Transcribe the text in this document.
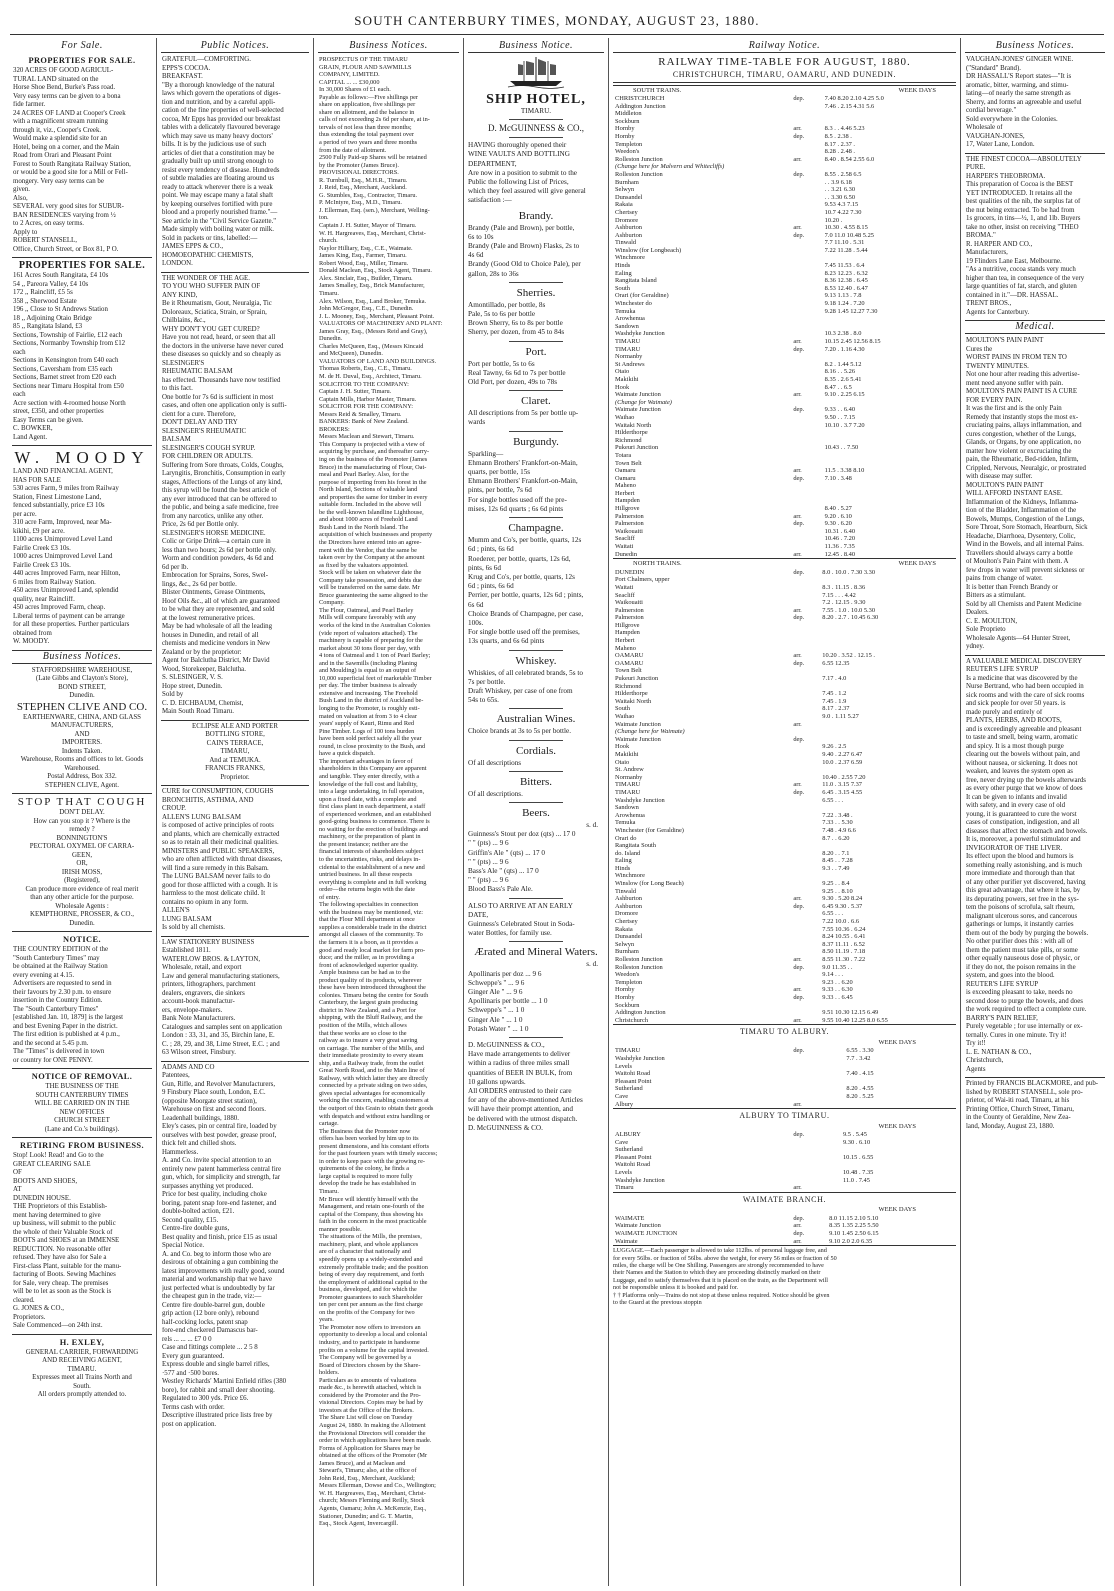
SOUTH CANTERBURY TIMES, MONDAY, AUGUST 23, 1880.
For Sale.
PROPERTIES FOR SALE.
320 ACRES OF GOOD AGRICUL-
TURAL LAND situated on the
Horse Shoe Bend, Burke's Pass road.
Very easy terms can be given to a bona
fide farmer.
24 ACRES OF LAND at Cooper's Creek
with a magnificent stream running
through it, viz., Cooper's Creek.
Would make a splendid site for an
Hotel, being on a corner, and the Main
Road from Orari and Pleasant Point
Forest to South Rangitata Railway Station,
or would be a good site for a Mill or Fell-
mongery. Very easy terms can be
given.
Also,
SEVERAL very good sites for SUBUR-
BAN RESIDENCES varying from ½
to 2 Acres, on easy terms.
Apply to
ROBERT STANSELL,
Office, Church Street, or Box 81, P O.
PROPERTIES FOR SALE.
161 Acres South Rangitata, £4 10s
54 ,, Pareora Valley, £4 10s
172 ,, Raincliff, £5 5s
358 ,, Sherwood Estate
196 ,, Close to St Andrews Station
18 ,, Adjoining Otaio Bridge
85 ,, Rangitata Island, £3
Sections, Township of Fairlie, £12 each
Sections, Normanby Township from £12
each
Sections in Kensington from £40 each
Sections, Caversham from £35 each
Sections, Barnet street from £20 each
Sections near Timaru Hospital from £50
each
Acre section with 4-roomed house North
street, £350, and other properties
Easy Terms can be given.
C. BOWKER,
Land Agent.
W. MOODY
LAND AND FINANCIAL AGENT,
HAS FOR SALE
530 acres Farm, 9 miles from Railway
Station, Finest Limestone Land,
fenced substantially, price £3 10s
per acre.
310 acre Farm, Improved, near Ma-
kikihi, £9 per acre.
1100 acres Unimproved Level Land
Fairlie Creek £3 10s.
1000 acres Unimproved Level Land
Fairlie Creek £3 10s.
440 acres Improved Farm, near Hilton,
6 miles from Railway Station.
450 acres Unimproved Land, splendid
quality, near Raincliff.
450 acres Improved Farm, cheap.
Liberal terms of payment can be arrange
for all these properties. Further particulars
obtained from
W. MOODY.
Business Notices.
STAFFORDSHIRE WAREHOUSE,
(Late Gibbs and Clayton's Store),
BOND STREET,
Dunedin.
STEPHEN CLIVE AND CO.
EARTHENWARE, CHINA, AND GLASS
MANUFACTURERS,
AND
IMPORTERS.
Indents Taken.
Warehouse, Rooms and offices to let. Goods
Warehoused.
Postal Address, Box 332.
STEPHEN CLIVE, Agent.
STOP THAT COUGH
DON'T DELAY.
How can you stop it ? Where is the
remedy ?
BONNINGTON'S
PECTORAL OXYMEL OF CARRA-
GEEN,
OR,
IRISH MOSS,
(Registered),
Can produce more evidence of real merit
than any other article for the purpose.
Wholesale Agents :
KEMPTHORNE, PROSSER, & CO.,
Dunedin.
NOTICE.
THE COUNTRY EDITION of the
"South Canterbury Times" may
be obtained at the Railway Station
every evening at 4.15.
Advertisers are requested to send in
their favours by 2.30 p.m. to ensure
insertion in the Country Edition.
The "South Canterbury Times"
[established Jan. 10, 1879] is the largest
and best Evening Paper in the district.
The first edition is published at 4 p.m.,
and the second at 5.45 p.m.
The "Times" is delivered in town
or country for ONE PENNY.
NOTICE OF REMOVAL.
THE BUSINESS OF THE
SOUTH CANTERBURY TIMES
WILL BE CARRIED ON IN THE
NEW OFFICES
CHURCH STREET
(Lane and Co.'s buildings).
RETIRING FROM BUSINESS.
Stop! Look! Read! and Go to the
GREAT CLEARING SALE
OF
BOOTS AND SHOES,
AT
DUNEDIN HOUSE.
THE Proprietors of this Establish-
ment having determined to give
up business, will submit to the public
the whole of their Valuable Stock of
BOOTS and SHOES at an IMMENSE
REDUCTION. No reasonable offer
refused. They have also for Sale a
First-class Plant, suitable for the manu-
facturing of Boots. Sewing Machines
for Sale, very cheap. The premises
will be to let as soon as the Stock is
cleared.
G. JONES & CO.,
Proprietors.
Sale Commenced—on 24th inst.
H. EXLEY,
GENERAL CARRIER, FORWARDING
AND RECEIVING AGENT,
TIMARU.
Expresses meet all Trains North and
South.
All orders promptly attended to.
Public Notices.
GRATEFUL—COMFORTING.
EPPS'S COCOA.
BREAKFAST.
"By a thorough knowledge of the natural
laws which govern the operations of diges-
tion and nutrition, and by a careful appli-
cation of the fine properties of well-selected
cocoa, Mr Epps has provided our breakfast
tables with a delicately flavoured beverage
which may save us many heavy doctors'
bills. It is by the judicious use of such
articles of diet that a constitution may be
gradually built up until strong enough to
resist every tendency of disease. Hundreds
of subtle maladies are floating around us
ready to attack wherever there is a weak
point. We may escape many a fatal shaft
by keeping ourselves fortified with pure
blood and a properly nourished frame."—
See article in the "Civil Service Gazette."
Made simply with boiling water or milk.
Sold in packets or tins, labelled:—
JAMES EPPS & CO.,
HOMOEOPATHIC CHEMISTS,
LONDON.
THE WONDER OF THE AGE.
TO YOU WHO SUFFER PAIN OF
ANY KIND,
Be it Rheumatism, Gout, Neuralgia, Tic
Doloreaux, Sciatica, Strain, or Sprain,
Chilblains, &c.,
WHY DON'T YOU GET CURED?
Have you not read, heard, or seen that all
the doctors in the universe have never cured
these diseases so quickly and so cheaply as
SLESINGER'S
RHEUMATIC BALSAM
has effected. Thousands have now testified
to this fact.
One bottle for 7s 6d is sufficient in most
cases, and often one application only is suffi-
cient for a cure. Therefore,
DON'T DELAY AND TRY
SLESINGER'S RHEUMATIC
BALSAM
SLESINGER'S COUGH SYRUP.
FOR CHILDREN OR ADULTS.
Suffering from Sore throats, Colds, Coughs,
Laryngitis, Bronchitis, Consumption in early
stages, Affections of the Lungs of any kind,
this syrup will be found the best article of
any ever introduced that can be offered to
the public, and being a safe medicine, free
from any narcotics, unlike any other.
Price, 2s 6d per Bottle only.
SLESINGER'S HORSE MEDICINE.
Colic or Gripe Drink—a certain cure in
less than two hours; 2s 6d per bottle only.
Worm and condition powders, 4s 6d and
6d per lb.
Embrocation for Sprains, Sores, Swel-
lings, &c., 2s 6d per bottle.
Blister Ointments, Grease Ointments,
Hoof Oils &c., all of which are guaranteed
to be what they are represented, and sold
at the lowest remunerative prices.
May be had wholesale of all the leading
houses in Dunedin, and retail of all
chemists and medicine vendors in New
Zealand or by the proprietor:
Agent for Balclutha District, Mr David
Wood, Storekeeper, Balclutha.
S. SLESINGER, V. S.
Hope street, Dunedin.
Sold by
C. D. EICHBAUM, Chemist,
Main South Road Timaru.
ECLIPSE ALE AND PORTER
BOTTLING STORE,
CAIN'S TERRACE,
TIMARU,
And at TEMUKA.
FRANCIS FRANKS,
Proprietor.
CURE for CONSUMPTION, COUGHS
BRONCHITIS, ASTHMA, AND
CROUP.
ALLEN'S LUNG BALSAM
is composed of active principles of roots
and plants, which are chemically extracted
so as to retain all their medicinal qualities.
MINISTERS and PUBLIC SPEAKERS,
who are often afflicted with throat diseases,
will find a sure remedy in this Balsam.
The LUNG BALSAM never fails to do
good for those afflicted with a cough. It is
harmless to the most delicate child. It
contains no opium in any form.
ALLEN'S
LUNG BALSAM
Is sold by all chemists.
LAW STATIONERY BUSINESS
Established 1811.
WATERLOW BROS. & LAYTON,
Wholesale, retail, and export
Law and general manufacturing stationers,
printers, lithographers, parchment
dealers, engravers, die sinkers
account-book manufactur-
ers, envelope-makers.
Bank Note Manufacturers.
Catalogues and samples sent on application
London : 33, 31, and 35, Birchin lane, E.
C. ; 28, 29, and 38, Lime Street, E.C. ; and
63 Wilson street, Finsbury.
ADAMS AND CO
Patentees,
Gun, Rifle, and Revolver Manufacturers,
9 Finsbury Place south, London, E.C.
(opposite Moorgate street station),
Warehouse on first and second floors.
Leadenhall buildings, 1880.
Eley's cases, pin or central fire, loaded by
ourselves with best powder, grease proof,
thick felt and chilled shots.
Hammerless.
A. and Co. invite special attention to an
entirely new patent hammerless central fire
gun, which, for simplicity and strength, far
surpasses anything yet produced.
Price for best quality, including choke
boring, patent snap fore-end fastener, and
double-bolted action, £21.
Second quality, £15.
Centre-fire double guns,
Best quality and finish, price £15 as usual
Special Notice.
A. and Co. beg to inform those who are
desirous of obtaining a gun combining the
latest improvements with really good, sound
material and workmanship that we have
just perfected what is undoubtedly by far
the cheapest gun in the trade, viz:—
Centre fire double-barrel gun, double
grip action (12 bore only), rebound
half-cocking locks, patent snap
fore-end checkered Damascus bar-
rels ... ... ... £7 0 0
Case and fittings complete ... 2 5 8
Every gun guaranteed.
Express double and single barrel rifles,
·577 and ·500 bores.
Westley Richards' Martini Enfield rifles (380
bore), for rabbit and small deer shooting.
Regulated to 300 yds. Price £6.
Terms cash with order.
Descriptive illustrated price lists free by
post on application.
Business Notices.
PROSPECTUS OF THE TIMARU
GRAIN, FLOUR AND SAWMILLS
COMPANY, LIMITED.
CAPITAL ... ... £30,000
In 30,000 Shares of £1 each.
Payable as follows:—Five shillings per
share on application, five shillings per
share on allotment, and the balance in
calls of not exceeding 2s 6d per share, at in-
tervals of not less than three months;
thus extending the total payment over
a period of two years and three months
from the date of allotment.
2500 Fully Paid-up Shares will be retained
by the Promoter (James Bruce).
PROVISIONAL DIRECTORS.
R. Turnbull, Esq., M.H.R., Timaru.
J. Reid, Esq., Merchant, Auckland.
G. Stumbles, Esq., Contractor, Timaru.
P. McIntyre, Esq., M.D., Timaru.
J. Ellerman, Esq. (sen.), Merchant, Welling-
ton.
Captain J. H. Sutter, Mayor of Timaru.
W. H. Hargreaves, Esq., Merchant, Christ-
church.
Naylor Hilliary, Esq., C.E., Waimate.
James King, Esq., Farmer, Timaru.
Robert Wood, Esq., Miller, Timaru.
Donald Maclean, Esq., Stock Agent, Timaru.
Alex. Sinclair, Esq., Builder, Timaru.
James Smalley, Esq., Brick Manufacturer,
Timaru.
Alex. Wilson, Esq., Land Broker, Temuka.
John McGregor, Esq., C.E., Dunedin.
J. L. Mooney, Esq., Merchant, Pleasant Point.
VALUATORS OF MACHINERY AND PLANT:
James Gray, Esq., (Messrs Reid and Gray),
Dunedin.
Charles McQueen, Esq., (Messrs Kincaid
and McQueen), Dunedin.
VALUATORS OF LAND AND BUILDINGS.
Thomas Roberts, Esq., C.E., Timaru.
M. de H. Duval, Esq., Architect, Timaru.
SOLICITOR TO THE COMPANY:
Captain J. H. Sutter, Timaru.
Captain Mills, Harbor Master, Timaru.
SOLICITOR FOR THE COMPANY:
Messrs Reid & Smalley, Timaru.
BANKERS: Bank of New Zealand.
BROKERS:
Messrs Maclean and Stewart, Timaru.
This Company is projected with a view of
acquiring by purchase, and thereafter carry-
ing on the business of the Promoter (James
Bruce) in the manufacturing of Flour, Oat-
meal and Pearl Barley. Also, for the
purpose of importing from his forest in the
North Island, Sections of valuable land
and properties the same for timber in every
suitable form. Included in the above will
be the well-known Islandline Lighthouse,
and about 1000 acres of Freehold Land
Bush Land in the North Island. The
acquisition of which businesses and property
the Directors have entered into an agree-
ment with the Vendor, that the same be
taken over by the Company at the amount
as fixed by the valuators appointed.
Stock will be taken on whatever date the
Company take possession, and debts due
will be transferred on the same date. Mr
Bruce guaranteeing the same aligned to the
Company.
The Flour, Oatmeal, and Pearl Barley
Mills will compare favorably with any
works of the kind in the Australian Colonies
(vide report of valuators attached). The
machinery is capable of preparing for the
market about 30 tons flour per day, with
4 tons of Oatmeal and 1 ton of Pearl Barley;
and in the Sawmills (including Planing
and Moulding) is equal to an output of
10,000 superficial feet of marketable Timber
per day. The timber business is already
extensive and increasing. The Freehold
Bush Land in the district of Auckland be-
longing to the Promoter, is roughly esti-
mated on valuation at from 3 to 4 clear
years' supply of Kauri, Rimu and Red
Pine Timber. Logs of 100 tons burden
have been sold perfect safely all the year
round, in close proximity to the Bush, and
have a quick dispatch.
The important advantages in favor of
shareholders in this Company are apparent
and tangible. They enter directly, with a
knowledge of the full cost and liability,
into a large undertaking, in full operation,
upon a fixed date, with a complete and
first class plant in each department, a staff
of experienced workmen, and an established
good-going business to commence. There is
no waiting for the erection of buildings and
machinery, or the preparation of plant in
the present instance; neither are the
financial interests of shareholders subject
to the uncertainties, risks, and delays in-
cidental to the establishment of a new and
untried business. In all these respects
everything is complete and in full working
order—the returns begin with the date
of entry.
The following specialties in connection
with the business may be mentioned, viz:
that the Flour Mill department at once
supplies a considerable trade in the district
amongst all classes of the community. To
the farmers it is a boon, as it provides a
good and ready local market for farm pro-
duce; and the miller, as in providing a
front of acknowledged superior quality.
Ample business can be had as to the
product quality of its products, wherever
these have been introduced throughout the
colonies. Timaru being the centre for South
Canterbury, the largest grain producing
district in New Zealand, and a Port for
shipping, with the Bluff Railway, and the
position of the Mills, which allows
that these works are so close to the
railway as to insure a very great saving
on carriage. The number of the Mills, and
their immediate proximity to every steam
ship, and a Railway trade, from the outlet
Great North Road, and to the Main line of
Railway, with which latter they are directly
connected by a private siding on two sides,
gives special advantages for economically
working the concern, enabling customers at
the outport of this Grain to obtain their goods
with despatch and without extra handling or
cartage.
The Business that the Promoter now
offers has been worked by him up to its
present dimensions, and his constant efforts
for the past fourteen years with timely success;
in order to keep pace with the growing re-
quirements of the colony, he finds a
large capital is required to more fully
develop the trade he has established in
Timaru.
Mr Bruce will identify himself with the
Management, and retain one-fourth of the
capital of the Company, thus showing his
faith in the concern in the most practicable
manner possible.
The situations of the Mills, the premises,
machinery, plant, and whole appliances
are of a character that nationally and
speedily opens up a widely-extended and
extremely profitable trade; and the position
being of every day requirement, and forth
the employment of additional capital to the
business, developed, and for which the
Promoter guarantees to such Shareholder
ten per cent per annum as the first charge
on the profits of the Company for two
years.
The Promoter now offers to investors an
opportunity to develop a local and colonial
industry, and to participate in handsome
profits on a volume for the capital invested.
The Company will be governed by a
Board of Directors chosen by the Share-
holders.
Particulars as to amounts of valuations
made &c., is herewith attached, which is
considered by the Promoter and the Pro-
visional Directors. Copies may be had by
investors at the Office of the Brokers.
The Share List will close on Tuesday
August 24, 1880. In making the Allotment
the Provisional Directors will consider the
order in which applications have been made.
Forms of Application for Shares may be
obtained at the offices of the Promoter (Mr
James Bruce), and at Maclean and
Stewart's, Timaru; also, at the office of
John Reid, Esq., Merchant, Auckland;
Messrs Ellerman, Dowse and Co., Wellington;
W. H. Hargreaves, Esq., Merchant, Christ-
church; Messrs Fleming and Reilly, Stock
Agents, Oamaru; John A. McKenzie, Esq.,
Stationer, Dunedin; and G. T. Martin,
Esq., Stock Agent, Invercargill.
Business Notice.
SHIP HOTEL,
TIMARU.
D. McGUINNESS & CO.,
HAVING thoroughly opened their
WINE VAULTS AND BOTTLING
DEPARTMENT,
Are now in a position to submit to the
Public the following List of Prices,
which they feel assured will give general
satisfaction :—
Brandy.
Brandy (Pale and Brown), per bottle,
6s to 10s
Brandy (Pale and Brown) Flasks, 2s to
4s 6d
Brandy (Good Old to Choice Pale), per
gallon, 28s to 36s
Sherries.
Amontillado, per bottle, 8s
Pale, 5s to 6s per bottle
Brown Sherry, 6s to 8s per bottle
Sherry, per dozen, from 45 to 84s
Port.
Port per bottle, 5s to 6s
Real Tawny, 6s 6d to 7s per bottle
Old Port, per dozen, 49s to 78s
Claret.
All descriptions from 5s per bottle up-
wards
Burgundy.
Sparkling—
Ehmann Brothers' Frankfort-on-Main,
quarts, per bottle, 15s
Ehmann Brothers' Frankfort-on-Main,
pints, per bottle, 7s 6d
For single bottles used off the pre-
mises, 12s 6d quarts ; 6s 6d pints
Champagne.
Mumm and Co's, per bottle, quarts, 12s
6d ; pints, 6s 6d
Roederer, per bottle, quarts, 12s 6d,
pints, 6s 6d
Krug and Co's, per bottle, quarts, 12s
6d ; pints, 6s 6d
Perrier, per bottle, quarts, 12s 6d ; pints,
6s 6d
Choice Brands of Champagne, per case,
100s.
For single bottle used off the premises,
13s quarts, and 6s 6d pints
Whiskey.
Whiskies, of all celebrated brands, 5s to
7s per bottle.
Draft Whiskey, per case of one from
54s to 65s.
Australian Wines.
Choice brands at 3s to 5s per bottle.
Cordials.
Of all descriptions
Bitters.
Of all descriptions.
Beers.
s. d.
Guinness's Stout per doz (qts) ... 17 0
" " (pts) ... 9 6
Griffin's Ale " (qts) ... 17 0
" " (pts) ... 9 6
Bass's Ale " (qts) ... 17 0
" " (pts) ... 9 6
Blood Bass's Pale Ale.
ALSO TO ARRIVE AT AN EARLY
DATE,
Guinness's Celebrated Stout in Soda-
water Bottles, for family use.
Ærated and Mineral Waters.
s. d.
Apollinaris per doz ... 9 6
Schweppe's " ... 9 6
Ginger Ale " ... 9 6
Apollinaris per bottle ... 1 0
Schweppe's " ... 1 0
Ginger Ale " ... 1 0
Potash Water " ... 1 0
D. McGUINNESS & CO.,
Have made arrangements to deliver
within a radius of three miles small
quantities of BEER IN BULK, from
10 gallons upwards.
All ORDERS entrusted to their care
for any of the above-mentioned Articles
will have their prompt attention, and
be delivered with the utmost dispatch.
D. McGUINNESS & CO.
Railway Notice.
RAILWAY TIME-TABLE FOR AUGUST, 1880.
CHRISTCHURCH, TIMARU, OAMARU, AND DUNEDIN.
SOUTH TRAINS.	WEEK DAYS
CHRISTCHURCH	dep.	7.40 8.20 2.10 4.25 5.0
Addington Junction		7.46 . 2.15 4.31 5.6
Middleton		
Sockburn		
Hornby	arr.	8.3 . . 4.46 5.23
Hornby	dep.	8.5 . 2.38 .
Templeton		8.17 . 2.37 .
Weedon's		8.28 . 2.48 .
Rolleston Junction	arr.	8.40 . 8.54 2.55 6.0
(Change here for Malvern and Whitecliffs)		
Rolleston Junction	dep.	8.55 . 2.58 6.5
Burnham		. . 3.9 6.18
Selwyn		. . 3.21 6.30
Dunsandel		. . 3.30 6.50
Rakaia		9.53 4.3 7.15
Chertsey		10.7 4.22 7.30
Dromore		10.20 .
Ashburton	arr.	10.30 . 4.55 8.15
Ashburton	dep.	7.0 11.0 10.48 5.25
Tinwald		7.7 11.10 . 5.31
Winslow (for Longbeach)		7.22 11.28 . 5.44
Winchmore		
Hinds		7.45 11.53 . 6.4
Ealing		8.23 12.23 . 6.32
Rangitata Island		8.36 12.38 . 6.45
South		8.53 12.40 . 6.47
Orari (for Geraldine)		9.13 1.13 . 7.8
Winchester do		9.18 1.24 . 7.20
Temuka		9.28 1.45 12.27 7.30
Arowhenua		
Sandown		
Washdyke Junction		10.3 2.38 . 8.0
TIMARU	arr.	10.15 2.45 12.56 8.15
TIMARU	dep.	7.20 . 1.16 4.30
Normanby		
St Andrews		8.2 . 1.44 5.12
Otaio		8.16 . . 5.26
Makikihi		8.35 . 2.6 5.41
Hook		8.47 . . 6.5
Waimate Junction	arr.	9.10 . 2.25 6.15
(Change for Waimate)		
Waimate Junction	dep.	9.33 . . 6.40
Waihao		9.50 . . 7.15
Waitaki North		10.10 . 3.7 7.20
Hilderthorpe		
Richmond		
Pukeuri Junction		10.43 . . 7.50
Totara		
Town Belt		
Oamaru	arr.	11.5 . 3.38 8.10
Oamaru	dep.	7.10 . 3.48
Maheno		
Herbert		
Hampden		
Hillgrove		8.40 . 5.27
Palmerston	arr.	9.20 . 6.10
Palmerston	dep.	9.30 . 6.20
Waikouaiti		10.31 . 6.40
Seacliff		10.46 . 7.20
Waitati		11.36 . 7.35
Dunedin	arr.	12.45 . 8.40
NORTH TRAINS.	WEEK DAYS
DUNEDIN	dep.	8.0 . 10.0 . 7.30 3.30
Port Chalmers, upper		
Waitati		8.3 . 11.15 . 8.36
Seacliff		7.15 . . . 4.42
Waikouaiti		7.2 . 12.15 . 9.30
Palmerston	arr.	7.55 . 1.0 . 10.0 5.30
Palmerston	dep.	8.20 . 2.7 . 10.45 6.30
Hillgrove		
Hampden		
Herbert		
Maheno		
OAMARU	arr.	10.20 . 3.52 . 12.15 .
OAMARU	dep.	6.55 12.35
Town Belt		
Pukeuri Junction		7.17 . 4.0
Richmond		
Hilderthorpe		7.45 . 1.2
Waitaki North		7.45 . 1.9
South		8.17 . 2.37
Waihao		9.0 . 1.11 5.27
Waimate Junction	arr.	
(Change here for Waimate)		
Waimate Junction	dep.	
Hook		9.26 . 2.5
Makikihi		9.40 . 2.27 6.47
Otaio		10.0 . 2.37 6.59
St. Andrew		
Normanby		10.40 . 2.55 7.20
TIMARU	arr.	11.0 . 3.15 7.37
TIMARU	dep.	6.45 . 3.15 4.55
Washdyke Junction		6.55 . . .
Sandown		
Arowhenua		7.22 . 3.48 .
Temuka		7.33 . . 5.30
Winchester (for Geraldine)		7.48 . 4.9 6.6
Orari do		8.7 . . 6.20
Rangitata South		
do. Island		8.20 . . 7.1
Ealing		8.45 . . 7.28
Hinds		9.3 . . 7.49
Winchmore		
Winslow (for Long Beach)		9.25 . . 8.4
Tinwald		9.25 . . 8.10
Ashburton	arr.	9.30 . 5.20 8.24
Ashburton	dep.	6.45 9.30 . 5.37
Dromore		6.55 . . .
Chertsey		7.22 10.0 . 6.6
Rakaia		7.55 10.36 . 6.24
Dunsandel		8.24 10.55 . 6.41
Selwyn		8.37 11.11 . 6.52
Burnham		8.50 11.19 . 7.18
Rolleston Junction	arr.	8.55 11.30 . 7.22
Rolleston Junction	dep.	9.0 11.35 . .
Weedon's		9.14 . . .
Templeton		9.23 . . 6.20
Hornby	arr.	9.33 . . 6.30
Hornby	dep.	9.33 . . 6.45
Sockburn		
Addington Junction		9.51 10.30 12.15 6.49
Christchurch	arr.	9.55 10.40 12.25 8.0 6.55
TIMARU TO ALBURY.
WEEK DAYS
TIMARU	dep.	6.55 . 3.30
Washdyke Junction		7.7 . 3.42
Levels		
Waitohi Road		7.40 . 4.15
Pleasant Point		
Sutherland		8.20 . 4.55
Cave		8.20 . 5.25
Albury	arr.	
ALBURY TO TIMARU.
WEEK DAYS
ALBURY	dep.	9.5 . 5.45
Cave		9.30 . 6.10
Sutherland		
Pleasant Point		10.15 . 6.55
Waitohi Road		
Levels		10.48 . 7.35
Washdyke Junction		11.0 . 7.45
Timaru	arr.	
WAIMATE BRANCH.
WEEK DAYS
WAIMATE	dep.	8.0 11.15 2.10 5.10
Waimate Junction	arr.	8.35 1.35 2.25 5.50
WAIMATE JUNCTION	dep.	9.10 1.45 2.50 6.15
Waimate	arr.	9.10 2.0 2.0 6.35
LUGGAGE.—Each passenger is allowed to take 112lbs. of personal luggage free, and
for every 56lbs. or fraction of 56lbs. above the weight, for every 56 miles or fraction of 50
miles, the charge will be One Shilling. Passengers are strongly recommended to have
their Names and the Station to which they are proceeding distinctly marked on their
Luggage, and to satisfy themselves that it is placed on the train, as the Department will
not be responsible unless it is booked and paid for.
† † Platforms only—Trains do not stop at these unless required. Notice should be given
to the Guard at the previous stoppin
Business Notices.
VAUGHAN-JONES' GINGER WINE.
("Standard" Brand).
DR HASSALL'S Report states—"It is
aromatic, bitter, warming, and stimu-
lating—of nearly the same strength as
Sherry, and forms an agreeable and useful
cordial beverage."
Sold everywhere in the Colonies.
Wholesale of
VAUGHAN-JONES,
17, Water Lane, London.
THE FINEST COCOA—ABSOLUTELY
PURE.
HARPER'S THEOBROMA.
This preparation of Cocoa is the BEST
YET INTRODUCED. It retains all the
best qualities of the nib, the surplus fat of
the nut being extracted. To be had from
1s grocers, in tins—½, 1, and 1lb. Buyers
take no other, insist on receiving "THEO
BROMA."
R. HARPER AND CO.,
Manufacturers,
19 Flinders Lane East, Melbourne.
"As a nutritive, cocoa stands very much
higher than tea, in consequence of the very
large quantities of fat, starch, and gluten
contained in it."—DR. HASSAL.
TRENT BROS.,
Agents for Canterbury.
Medical.
MOULTON'S PAIN PAINT
Cures the
WORST PAINS IN FROM TEN TO
TWENTY MINUTES.
Not one hour after reading this advertise-
ment need anyone suffer with pain.
MOULTON'S PAIN PAINT IS A CURE
FOR EVERY PAIN.
It was the first and is the only Pain
Remedy that instantly stops the most ex-
cruciating pains, allays inflammation, and
cures congestion, whether of the Lungs,
Glands, or Organs, by one application, no
matter how violent or excruciating the
pain, the Rheumatic, Bed-ridden, Infirm,
Crippled, Nervous, Neuralgic, or prostrated
with disease may suffer.
MOULTON'S PAIN PAINT
WILL AFFORD INSTANT EASE.
Inflammation of the Kidneys, Inflamma-
tion of the Bladder, Inflammation of the
Bowels, Mumps, Congestion of the Lungs,
Sore Throat, Sore Stomach, Heartburn, Sick
Headache, Diarrhoea, Dysentery, Colic,
Wind in the Bowels, and all internal Pains.
Travellers should always carry a bottle
of Moulton's Pain Paint with them. A
few drops in water will prevent sickness or
pains from change of water.
It is better than French Brandy or
Bitters as a stimulant.
Sold by all Chemists and Patent Medicine
Dealers.
C. E. MOULTON,
Sole Proprieto
Wholesale Agents—64 Hunter Street,
ydney.
A VALUABLE MEDICAL DISCOVERY
REUTER'S LIFE SYRUP
Is a medicine that was discovered by the
Nurse Bertrand, who had been occupied in
sick rooms and with the care of sick rooms
and sick people for over 50 years. is
made purely and entirely of
PLANTS, HERBS, AND ROOTS,
and is exceedingly agreeable and pleasant
to taste and smell, being warm, aromatic
and spicy. It is a most though purge
clearing out the bowels without pain, and
without nausea, or sickening. It does not
weaken, and leaves the system open as
free, never drying up the bowels afterwards
as every other purge that we know of does
It can be given to infants and invalid
with safety, and in every case of old
young, it is guaranteed to cure the worst
cases of constipation, indigestion, and all
diseases that affect the stomach and bowels.
It is, moreover, a powerful stimulator and
INVIGORATOR OF THE LIVER.
Its effect upon the blood and humors is
something really astonishing, and is much
more immediate and thorough than that
of any other purifier yet discovered, having
this great advantage, that where it has, by
its depurating powers, set free in the sys-
tem the poisons of scrofula, salt rheum,
malignant ulcerous sores, and cancerous
gatherings or lumps, it instantly carries
them out of the body by purging the bowels.
No other purifier does this : with all of
them the patient must take pills, or some
other equally nauseous dose of physic, or
if they do not, the poison remains in the
system, and goes into the blood.
REUTER'S LIFE SYRUP
is exceeding pleasant to take, needs no
second dose to purge the bowels, and does
the work required to effect a complete cure.
BARRY'S PAIN RELIEF,
Purely vegetable ; for use internally or ex-
ternally. Cures in one minute. Try it!
Try it!!
L. E. NATHAN & CO.,
Christchurch,
Agents
Printed by FRANCIS BLACKMORE, and pub-
lished by ROBERT STANSELL, sole pro-
prietor, of Wai-iti road, Timaru, at his
Printing Office, Church Street, Timaru,
in the County of Geraldine, New Zea-
land, Monday, August 23, 1880.
